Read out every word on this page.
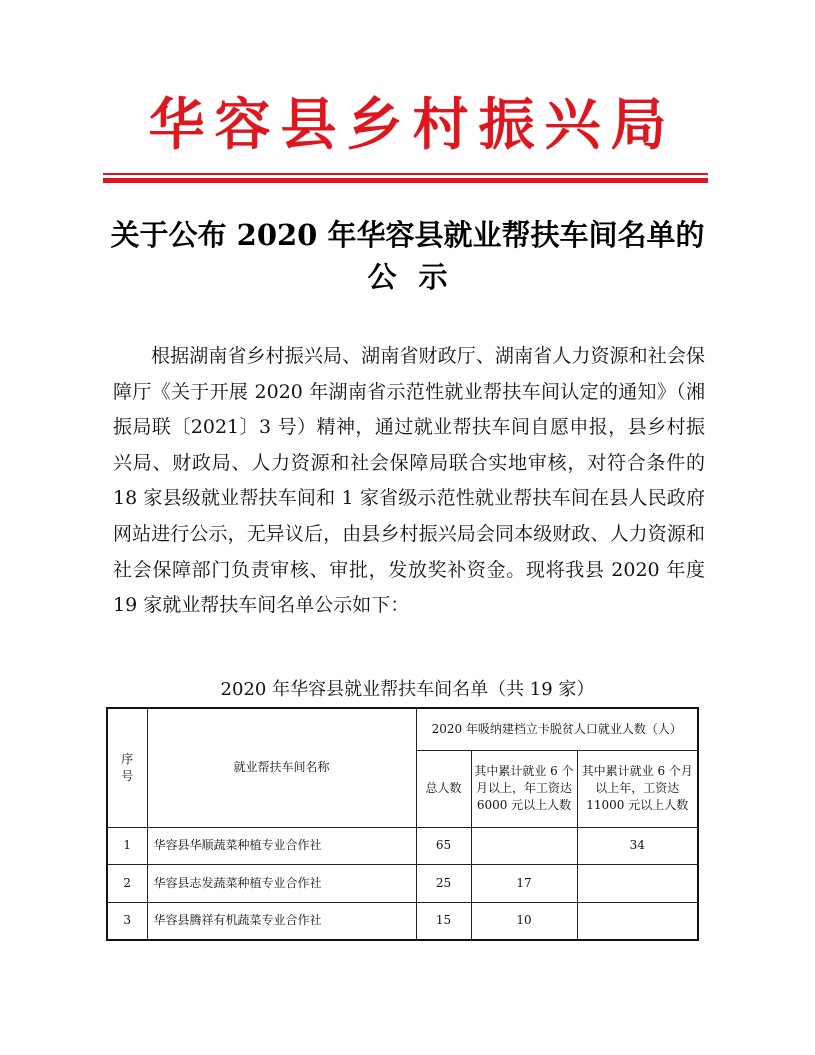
华容县乡村振兴局
关于公布 2020 年华容县就业帮扶车间名单的
公示
根据湖南省乡村振兴局、湖南省财政厅、湖南省人力资源和社会保障厅《关于开展 2020 年湖南省示范性就业帮扶车间认定的通知》（湘振局联〔2021〕3 号）精神，通过就业帮扶车间自愿申报，县乡村振兴局、财政局、人力资源和社会保障局联合实地审核，对符合条件的 18 家县级就业帮扶车间和 1 家省级示范性就业帮扶车间在县人民政府网站进行公示，无异议后，由县乡村振兴局会同本级财政、人力资源和社会保障部门负责审核、审批，发放奖补资金。现将我县 2020 年度 19 家就业帮扶车间名单公示如下：
2020 年华容县就业帮扶车间名单（共 19 家）
序
号	就业帮扶车间名称	2020 年吸纳建档立卡脱贫人口就业人数（人）		
		总人数	其中累计就业 6 个月以上，年工资达 6000 元以上人数	其中累计就业 6 个月以上年，工资达 11000 元以上人数
1	华容县华顺蔬菜种植专业合作社	65		34
2	华容县志发蔬菜种植专业合作社	25	17	
3	华容县腾祥有机蔬菜专业合作社	15	10	
